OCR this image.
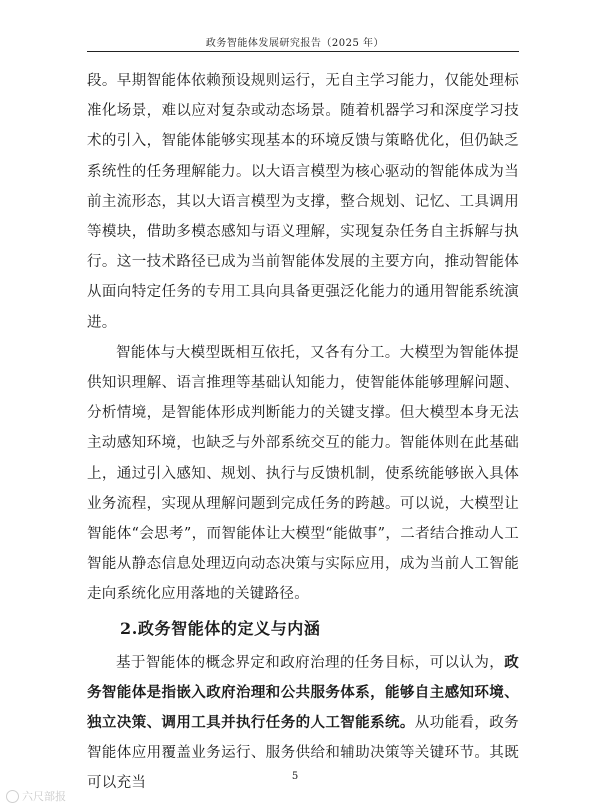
政务智能体发展研究报告（2025 年）

段。早期智能体依赖预设规则运行，无自主学习能力，仅能处理标准化场景，难以应对复杂或动态场景。随着机器学习和深度学习技术的引入，智能体能够实现基本的环境反馈与策略优化，但仍缺乏系统性的任务理解能力。以大语言模型为核心驱动的智能体成为当前主流形态，其以大语言模型为支撑，整合规划、记忆、工具调用等模块，借助多模态感知与语义理解，实现复杂任务自主拆解与执行。这一技术路径已成为当前智能体发展的主要方向，推动智能体从面向特定任务的专用工具向具备更强泛化能力的通用智能系统演进。

智能体与大模型既相互依托，又各有分工。大模型为智能体提供知识理解、语言推理等基础认知能力，使智能体能够理解问题、分析情境，是智能体形成判断能力的关键支撑。但大模型本身无法主动感知环境，也缺乏与外部系统交互的能力。智能体则在此基础上，通过引入感知、规划、执行与反馈机制，使系统能够嵌入具体业务流程，实现从理解问题到完成任务的跨越。可以说，大模型让智能体“会思考”，而智能体让大模型“能做事”，二者结合推动人工智能从静态信息处理迈向动态决策与实际应用，成为当前人工智能走向系统化应用落地的关键路径。

2.政务智能体的定义与内涵

基于智能体的概念界定和政府治理的任务目标，可以认为，政务智能体是指嵌入政府治理和公共服务体系，能够自主感知环境、独立决策、调用工具并执行任务的人工智能系统。从功能看，政务智能体应用覆盖业务运行、服务供给和辅助决策等关键环节。其既可以充当	5
六尺部报
